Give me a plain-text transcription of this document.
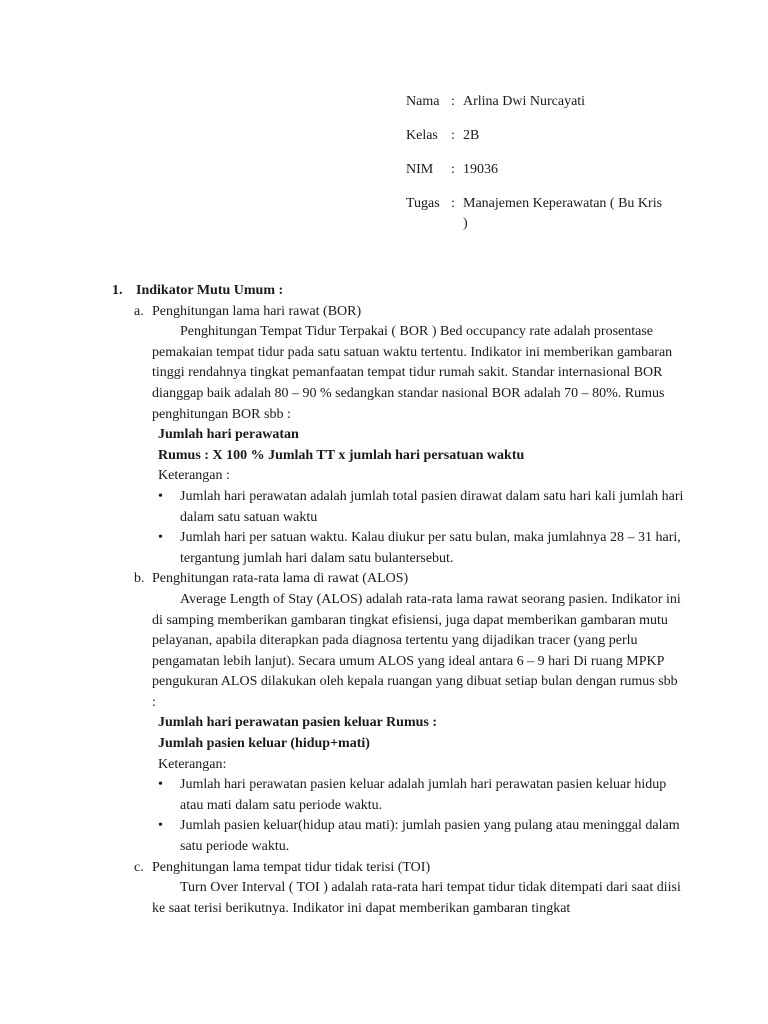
Nama : Arlina Dwi Nurcayati
Kelas : 2B
NIM	: 19036
Tugas : Manajemen Keperawatan ( Bu Kris )
1. Indikator Mutu Umum :
a. Penghitungan lama hari rawat (BOR)

Penghitungan Tempat Tidur Terpakai ( BOR ) Bed occupancy rate adalah prosentase pemakaian tempat tidur pada satu satuan waktu tertentu. Indikator ini memberikan gambaran tinggi rendahnya tingkat pemanfaatan tempat tidur rumah sakit. Standar internasional BOR dianggap baik adalah 80 – 90 % sedangkan standar nasional BOR adalah 70 – 80%. Rumus penghitungan BOR sbb :

Jumlah hari perawatan
Rumus : X 100 % Jumlah TT x jumlah hari persatuan waktu
Keterangan :
• Jumlah hari perawatan adalah jumlah total pasien dirawat dalam satu hari kali jumlah hari dalam satu satuan waktu
• Jumlah hari per satuan waktu. Kalau diukur per satu bulan, maka jumlahnya 28 – 31 hari, tergantung jumlah hari dalam satu bulantersebut.
b. Penghitungan rata-rata lama di rawat (ALOS)

Average Length of Stay (ALOS) adalah rata-rata lama rawat seorang pasien. Indikator ini di samping memberikan gambaran tingkat efisiensi, juga dapat memberikan gambaran mutu pelayanan, apabila diterapkan pada diagnosa tertentu yang dijadikan tracer (yang perlu pengamatan lebih lanjut). Secara umum ALOS yang ideal antara 6 – 9 hari Di ruang MPKP pengukuran ALOS dilakukan oleh kepala ruangan yang dibuat setiap bulan dengan rumus sbb :

Jumlah hari perawatan pasien keluar Rumus :
Jumlah pasien keluar (hidup+mati)
Keterangan:
• Jumlah hari perawatan pasien keluar adalah jumlah hari perawatan pasien keluar hidup atau mati dalam satu periode waktu.
• Jumlah pasien keluar(hidup atau mati): jumlah pasien yang pulang atau meninggal dalam satu periode waktu.
c. Penghitungan lama tempat tidur tidak terisi (TOI)

Turn Over Interval ( TOI ) adalah rata-rata hari tempat tidur tidak ditempati dari saat diisi ke saat terisi berikutnya. Indikator ini dapat memberikan gambaran tingkat
